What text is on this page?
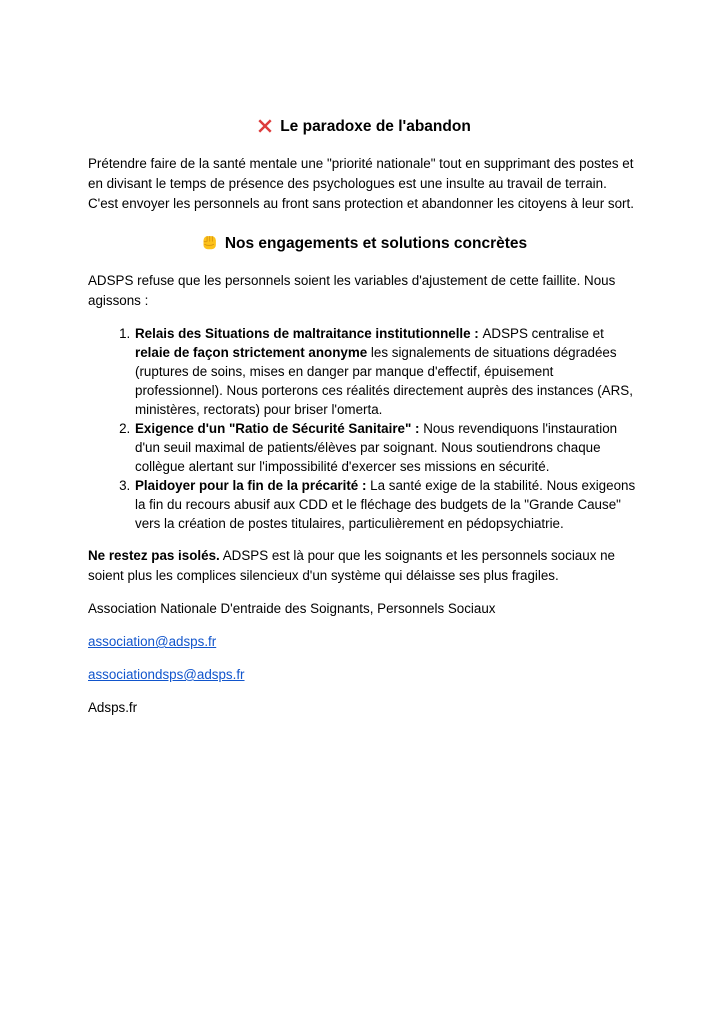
Le paradoxe de l'abandon

Prétendre faire de la santé mentale une "priorité nationale" tout en supprimant des postes et en divisant le temps de présence des psychologues est une insulte au travail de terrain. C'est envoyer les personnels au front sans protection et abandonner les citoyens à leur sort.

Nos engagements et solutions concrètes

ADSPS refuse que les personnels soient les variables d'ajustement de cette faillite. Nous agissons :

1. Relais des Situations de maltraitance institutionnelle : ADSPS centralise et relaie de façon strictement anonyme les signalements de situations dégradées (ruptures de soins, mises en danger par manque d'effectif, épuisement professionnel). Nous porterons ces réalités directement auprès des instances (ARS, ministères, rectorats) pour briser l'omerta.
2. Exigence d'un "Ratio de Sécurité Sanitaire" : Nous revendiquons l'instauration d'un seuil maximal de patients/élèves par soignant. Nous soutiendrons chaque collègue alertant sur l'impossibilité d'exercer ses missions en sécurité.
3. Plaidoyer pour la fin de la précarité : La santé exige de la stabilité. Nous exigeons la fin du recours abusif aux CDD et le fléchage des budgets de la "Grande Cause" vers la création de postes titulaires, particulièrement en pédopsychiatrie.

Ne restez pas isolés. ADSPS est là pour que les soignants et les personnels sociaux ne soient plus les complices silencieux d'un système qui délaisse ses plus fragiles.

Association Nationale D'entraide des Soignants, Personnels Sociaux

association@adsps.fr

associationdsps@adsps.fr

Adsps.fr
